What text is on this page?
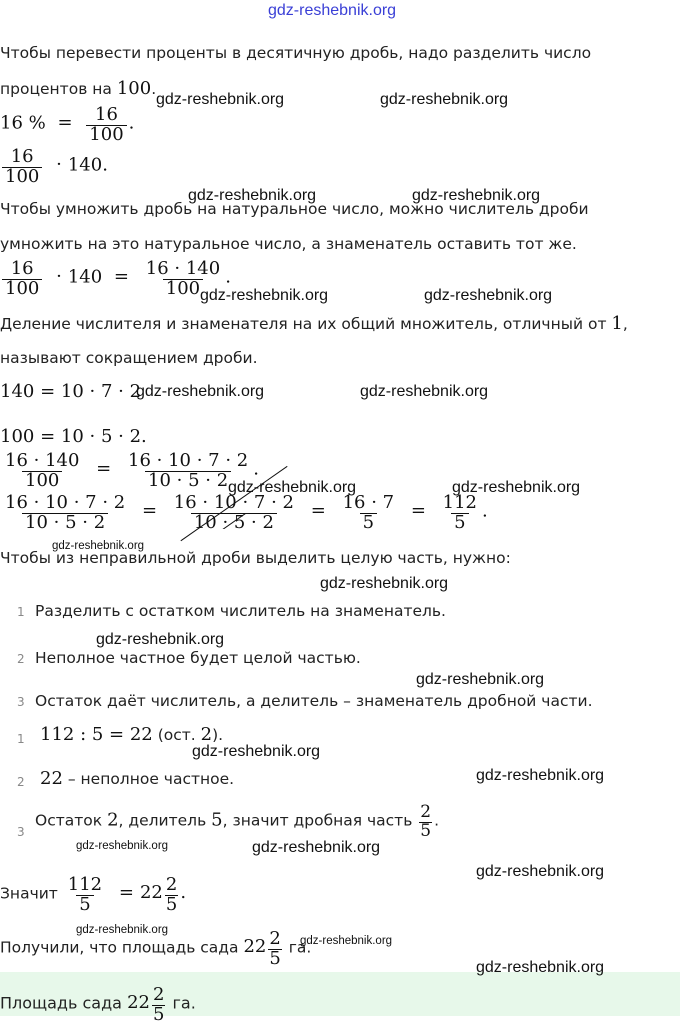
gdz-reshebnik.org
Чтобы перевести проценты в десятичную дробь, надо разделить число
процентов на 100.
16 % = $\frac{16}{100}$ .
$\frac{16}{100} \cdot 140$.
Чтобы умножить дробь на натуральное число, можно числитель дроби
умножить на это натуральное число, а знаменатель оставить тот же.
$\frac{16}{100} \cdot 140 = \frac{16 \cdot 140}{100}$ .
Деление числителя и знаменателя на их общий множитель, отличный от 1,
называют сокращением дроби.
140 = 10 · 7 · 2
100 = 10 · 5 · 2.
$\frac{16 \cdot 140}{100} = \frac{16 \cdot 10 \cdot 7 \cdot 2}{10 \cdot 5 \cdot 2}$ .
$\frac{16 \cdot 10 \cdot 7 \cdot 2}{10 \cdot 5 \cdot 2} = \frac{16 \cdot 10 \cdot 7 \cdot 2}{10 \cdot 5 \cdot 2} = \frac{16 \cdot 7}{5} = \frac{112}{5}$ .
Чтобы из неправильной дроби выделить целую часть, нужно:
1 Разделить с остатком числитель на знаменатель.
2 Неполное частное будет целой частью.
3 Остаток даёт числитель, а делитель – знаменатель дробной части.
1 112 : 5 = 22 (ост. 2).
2 22 – неполное частное.
3
Остаток 2, делитель 5, значит дробная часть $\frac{2}{5}$ .
Значит $\frac{112}{5} = 22 \frac{2}{5}$ .
Получили, что площадь сада $22 \frac{2}{5}$ га.
Площадь сада $22 \frac{2}{5}$ га.
gdz-reshebnik.org	gdz-reshebnik.org
gdz-reshebnik.org	gdz-reshebnik.org
gdz-reshebnik.org	gdz-reshebnik.org
gdz-reshebnik.org	gdz-reshebnik.org
gdz-reshebnik.org	gdz-reshebnik.org
gdz-reshebnik.org
gdz-reshebnik.org
gdz-reshebnik.org
gdz-reshebnik.org
gdz-reshebnik.org
gdz-reshebnik.org
gdz-reshebnik.org	gdz-reshebnik.org
gdz-reshebnik.org
gdz-reshebnik.org
gdz-reshebnik.org
gdz-reshebnik.org
